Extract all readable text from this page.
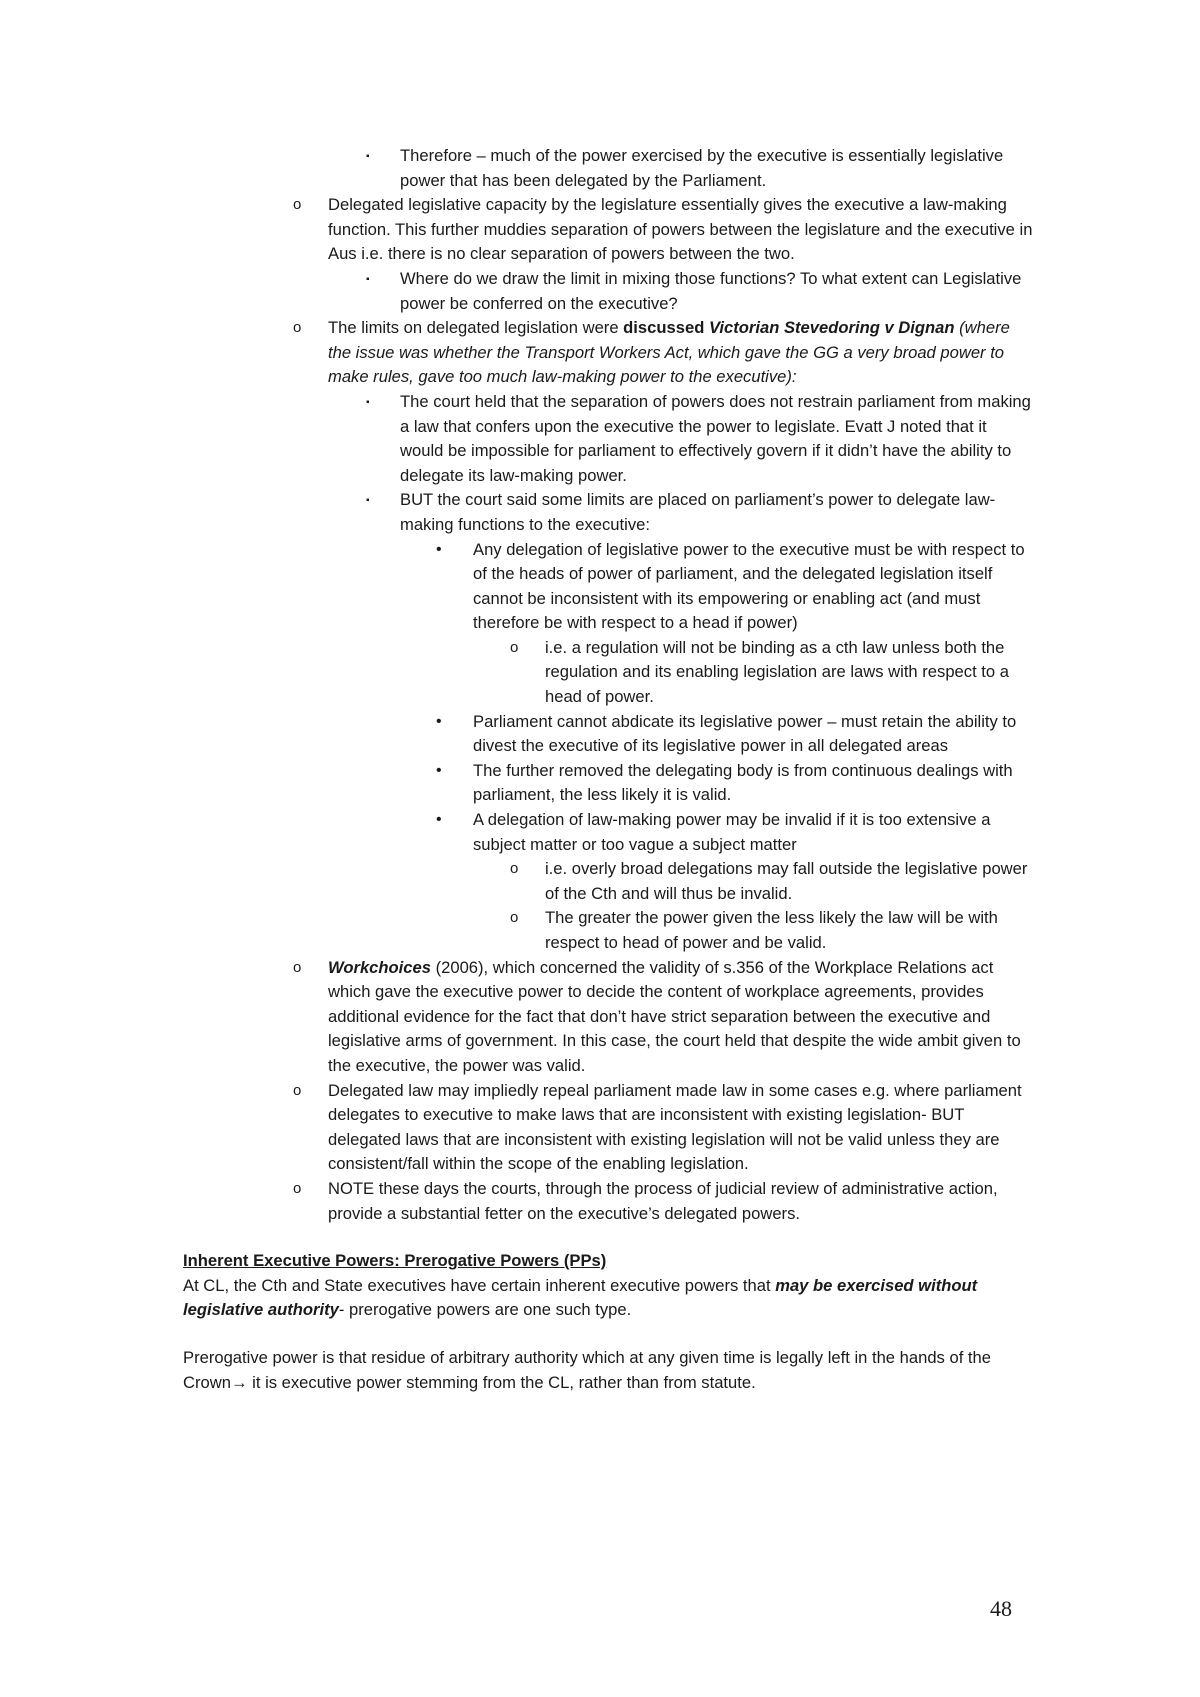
▪ Therefore – much of the power exercised by the executive is essentially legislative power that has been delegated by the Parliament.

o Delegated legislative capacity by the legislature essentially gives the executive a law-making function. This further muddies separation of powers between the legislature and the executive in Aus i.e. there is no clear separation of powers between the two.

▪ Where do we draw the limit in mixing those functions? To what extent can Legislative power be conferred on the executive?

o The limits on delegated legislation were discussed Victorian Stevedoring v Dignan (where the issue was whether the Transport Workers Act, which gave the GG a very broad power to make rules, gave too much law-making power to the executive):

▪ The court held that the separation of powers does not restrain parliament from making a law that confers upon the executive the power to legislate. Evatt J noted that it would be impossible for parliament to effectively govern if it didn’t have the ability to delegate its law-making power.

▪ BUT the court said some limits are placed on parliament’s power to delegate law-making functions to the executive:

• Any delegation of legislative power to the executive must be with respect to of the heads of power of parliament, and the delegated legislation itself cannot be inconsistent with its empowering or enabling act (and must therefore be with respect to a head if power)

o i.e. a regulation will not be binding as a cth law unless both the regulation and its enabling legislation are laws with respect to a head of power.

• Parliament cannot abdicate its legislative power – must retain the ability to divest the executive of its legislative power in all delegated areas

• The further removed the delegating body is from continuous dealings with parliament, the less likely it is valid.

• A delegation of law-making power may be invalid if it is too extensive a subject matter or too vague a subject matter

o i.e. overly broad delegations may fall outside the legislative power of the Cth and will thus be invalid.

o The greater the power given the less likely the law will be with respect to head of power and be valid.

o Workchoices (2006), which concerned the validity of s.356 of the Workplace Relations act which gave the executive power to decide the content of workplace agreements, provides additional evidence for the fact that don’t have strict separation between the executive and legislative arms of government. In this case, the court held that despite the wide ambit given to the executive, the power was valid.

o Delegated law may impliedly repeal parliament made law in some cases e.g. where parliament delegates to executive to make laws that are inconsistent with existing legislation- BUT delegated laws that are inconsistent with existing legislation will not be valid unless they are consistent/fall within the scope of the enabling legislation.

o NOTE these days the courts, through the process of judicial review of administrative action, provide a substantial fetter on the executive’s delegated powers.

Inherent Executive Powers: Prerogative Powers (PPs)

At CL, the Cth and State executives have certain inherent executive powers that may be exercised without legislative authority- prerogative powers are one such type.

Prerogative power is that residue of arbitrary authority which at any given time is legally left in the hands of the Crown→ it is executive power stemming from the CL, rather than from statute.

48
